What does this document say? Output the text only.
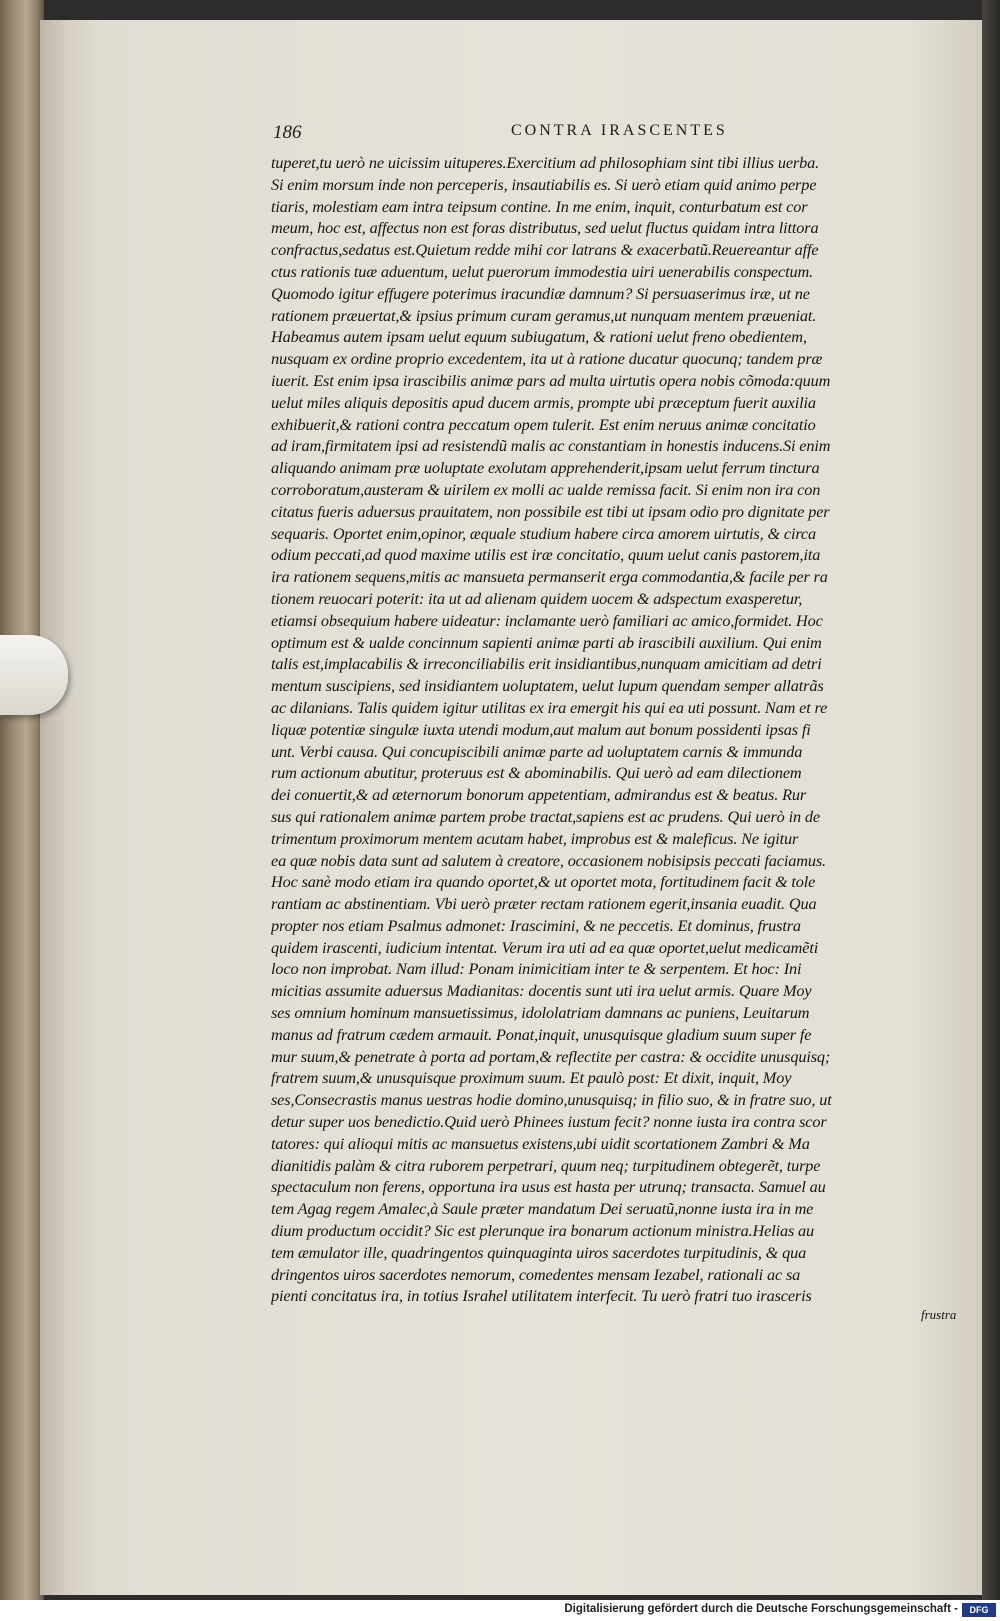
186	CONTRA IRASCENTES
tuperet,tu uerò ne uicissim uituperes.Exercitium ad philosophiam sint tibi illius uerba.
Si enim morsum inde non perceperis, insautiabilis es. Si uerò etiam quid animo perpe
tiaris, molestiam eam intra teipsum contine. In me enim, inquit, conturbatum est cor
meum, hoc est, affectus non est foras distributus, sed uelut fluctus quidam intra littora
confractus,sedatus est.Quietum redde mihi cor latrans & exacerbatũ.Reuereantur affe
ctus rationis tuæ aduentum, uelut puerorum immodestia uiri uenerabilis conspectum.
Quomodo igitur effugere poterimus iracundiæ damnum? Si persuaserimus iræ, ut ne
rationem præuertat,& ipsius primum curam geramus,ut nunquam mentem præueniat.
Habeamus autem ipsam uelut equum subiugatum, & rationi uelut freno obedientem,
nusquam ex ordine proprio excedentem, ita ut à ratione ducatur quocunq; tandem præ
iuerit. Est enim ipsa irascibilis animæ pars ad multa uirtutis opera nobis cõmoda:quum
uelut miles aliquis depositis apud ducem armis, prompte ubi præceptum fuerit auxilia
exhibuerit,& rationi contra peccatum opem tulerit. Est enim neruus animæ concitatio
ad iram,firmitatem ipsi ad resistendũ malis ac constantiam in honestis inducens.Si enim
aliquando animam præ uoluptate exolutam apprehenderit,ipsam uelut ferrum tinctura
corroboratum,austeram & uirilem ex molli ac ualde remissa facit. Si enim non ira con
citatus fueris aduersus prauitatem, non possibile est tibi ut ipsam odio pro dignitate per
sequaris. Oportet enim,opinor, æquale studium habere circa amorem uirtutis, & circa
odium peccati,ad quod maxime utilis est iræ concitatio, quum uelut canis pastorem,ita
ira rationem sequens,mitis ac mansueta permanserit erga commodantia,& facile per ra
tionem reuocari poterit: ita ut ad alienam quidem uocem & adspectum exasperetur,
etiamsi obsequium habere uideatur: inclamante uerò familiari ac amico,formidet. Hoc
optimum est & ualde concinnum sapienti animæ parti ab irascibili auxilium. Qui enim
talis est,implacabilis & irreconciliabilis erit insidiantibus,nunquam amicitiam ad detri
mentum suscipiens, sed insidiantem uoluptatem, uelut lupum quendam semper allatrãs
ac dilanians. Talis quidem igitur utilitas ex ira emergit his qui ea uti possunt. Nam et re
liquæ potentiæ singulæ iuxta utendi modum,aut malum aut bonum possidenti ipsas fi
unt. Verbi causa. Qui concupiscibili animæ parte ad uoluptatem carnis & immunda
rum actionum abutitur, proteruus est & abominabilis. Qui uerò ad eam dilectionem
dei conuertit,& ad æternorum bonorum appetentiam, admirandus est & beatus. Rur
sus qui rationalem animæ partem probe tractat,sapiens est ac prudens. Qui uerò in de
trimentum proximorum mentem acutam habet, improbus est & maleficus. Ne igitur
ea quæ nobis data sunt ad salutem à creatore, occasionem nobisipsis peccati faciamus.
Hoc sanè modo etiam ira quando oportet,& ut oportet mota, fortitudinem facit & tole
rantiam ac abstinentiam. Vbi uerò præter rectam rationem egerit,insania euadit. Qua
propter nos etiam Psalmus admonet: Irascimini, & ne peccetis. Et dominus, frustra
quidem irascenti, iudicium intentat. Verum ira uti ad ea quæ oportet,uelut medicamẽti
loco non improbat. Nam illud: Ponam inimicitiam inter te & serpentem. Et hoc: Ini
micitias assumite aduersus Madianitas: docentis sunt uti ira uelut armis. Quare Moy
ses omnium hominum mansuetissimus, idololatriam damnans ac puniens, Leuitarum
manus ad fratrum cædem armauit. Ponat,inquit, unusquisque gladium suum super fe
mur suum,& penetrate à porta ad portam,& reflectite per castra: & occidite unusquisq;
fratrem suum,& unusquisque proximum suum. Et paulò post: Et dixit, inquit, Moy
ses,Consecrastis manus uestras hodie domino,unusquisq; in filio suo, & in fratre suo, ut
detur super uos benedictio.Quid uerò Phinees iustum fecit? nonne iusta ira contra scor
tatores: qui alioqui mitis ac mansuetus existens,ubi uidit scortationem Zambri & Ma
dianitidis palàm & citra ruborem perpetrari, quum neq; turpitudinem obtegerẽt, turpe
spectaculum non ferens, opportuna ira usus est hasta per utrunq; transacta. Samuel au
tem Agag regem Amalec,à Saule præter mandatum Dei seruatũ,nonne iusta ira in me
dium productum occidit? Sic est plerunque ira bonarum actionum ministra.Helias au
tem æmulator ille, quadringentos quinquaginta uiros sacerdotes turpitudinis, & qua
dringentos uiros sacerdotes nemorum, comedentes mensam Iezabel, rationali ac sa
pienti concitatus ira, in totius Israhel utilitatem interfecit. Tu uerò fratri tuo irasceris
frustra
Digitalisierung gefördert durch die Deutsche Forschungsgemeinschaft -	DFG
